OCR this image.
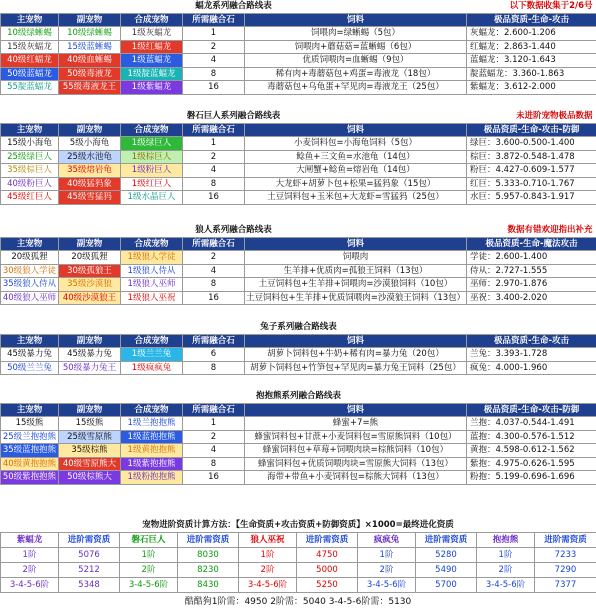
蝠龙系列融合路线表					以下数据收集于2/6号
主宠物	副宠物	合成宠物	所需融合石	饲料	极品资质-生命-攻击
10级绿蜥蜴	10级绿蜥蜴	1级灰蝠龙	1	饲喂肉=绿蜥蜴（5包）	灰蝠龙：2.600-1.206
15级灰蝠龙	15级蓝蜥蜴	1级红蝠龙	2	饲喂肉+蘑菇菇=蓝蜥蜴（6包）	红蝠龙：2.863-1.440
40级红蝠龙	40级血蜥蜴	1级蓝蝠龙	4	优质饲喂肉=血蜥蜴（9包）	蓝蝠龙：3.120-1.643
50级蓝蝠龙	50级毒液龙	1级靛蓝蝠龙	8	稀有肉+毒蘑菇包+鸡蛋=毒液龙（18包）	靛蓝蝠龙：3.360-1.863
55靛蓝蝠龙	55级毒液龙王	1级紫蝠龙	16	毒蘑菇包+乌龟蛋+罕见肉=毒液龙王（25包）	紫蝠龙：3.612-2.000
磐石巨人系列融合路线表					未进阶宠物极品数据
主宠物	副宠物	合成宠物	所需融合石	饲料	极品资质-生命-攻击-防御
15级小海龟	5级小海龟	1级绿巨人	1	小麦饲料包=小海龟饲料（5包）	绿巨：3.600-0.500-1.400
25级绿巨人	25级水池龟	1级棕巨人	2	鲶鱼+三文鱼=水池龟（14包）	棕巨：3.872-0.548-1.478
35级棕巨人	35级熔岩龟	1级粉巨人	4	大闸蟹+鲶鱼=熔岩龟（14包）	粉巨：4.427-0.609-1.577
40级粉巨人	40级猛犸象	1级红巨人	8	大龙虾+胡萝卜包+松果=猛犸象（15包）	红巨：5.333-0.710-1.767
45级红巨人	45级雪猛犸	1级水晶巨人	16	土豆饲料包+玉米包+大龙虾=雪猛犸（25包）	水巨：5.957-0.843-1.917
狼人系列融合路线表					数据有错欢迎指出补充
主宠物	副宠物	合成宠物	所需融合石	饲料	极品资质-生命-魔法攻击
20级狐狸	20级狐狸	1级狼人学徒	2	饲喂肉	学徒：2.600-1.400
30级狼人学徒	30级孤狼王	1级狼人侍从	4	生羊排+优质肉=孤狼王饲料（13包）	侍从：2.727-1.555
35级狼人侍从	35级沙漠狼	1级狼人巫师	8	土豆饲料包+生羊排+饲喂肉=沙漠狼饲料（10包）	巫师：2.970-1.876
40级狼人巫师	40级沙漠狼王	1级狼人巫祝	16	土豆饲料包+生羊排+优质饲喂肉=沙漠狼王饲料（13包）	巫祝：3.400-2.020
兔子系列融合路线表					
主宠物	副宠物	合成宠物	所需融合石	饲料	极品资质-生命-攻击
45级暴力兔	45级暴力兔	1级兰兰兔	6	胡萝卜饲料包+牛奶+稀有肉=暴力兔（20包）	兰兔：3.393-1.728
50级兰兰兔	50级暴力兔王	1级疯疯兔	8	胡萝卜饲料包+竹笋包+罕见肉=暴力兔王饲料（25包）	疯兔：4.000-1.960
抱抱熊系列融合路线表					
主宠物	副宠物	合成宠物	所需融合石	饲料	极品资质-生命-攻击-防御
15级熊	15级熊	1级兰抱抱熊	1	蜂蜜+7=熊	兰抱：4.037-0.544-1.491
25级兰抱抱熊	25级雪原熊	1级蓝抱抱熊	2	蜂蜜饲料包+甘蔗+小麦饲料包=雪原熊饲料（10包）	蓝抱：4.300-0.576-1.512
35级蓝抱抱熊	35级棕熊	1级黄抱抱熊	4	蜂蜜饲料包+草莓+饲喂肉块=棕熊饲料（10包）	黄抱：4.598-0.612-1.562
40级黄抱抱熊	40级雪原熊大	1级紫抱抱熊	8	蜂蜜饲料包+优质饲喂肉块=雪原熊大饲料（13包）	紫抱：4.975-0.626-1.595
50级紫抱抱熊	50级棕熊大	1级粉抱抱熊	16	海带+带鱼+小麦饲料包=棕熊大饲料（13包）	粉抱：5.199-0.696-1.696
宠物进阶资质计算方法：【生命资质+攻击资质+防御资质】×1000=最终进化资质
紫蝠龙	进阶需资质	磐石巨人	进阶需资质	狼人巫祝	进阶需资质	疯疯兔	进阶需资质	抱抱熊	进阶需资质
1阶	5076	1阶	8030	1阶	4750	1阶	5280	1阶	7233
2阶	5212	2阶	8230	2阶	5000	2阶	5490	2阶	7290
3-4-5-6阶	5348	3-4-5-6阶	8430	3-4-5-6阶	5250	3-4-5-6阶	5700	3-4-5-6阶	7377
酷酷狗1阶需：4950 2阶需：5040 3-4-5-6阶需：5130
